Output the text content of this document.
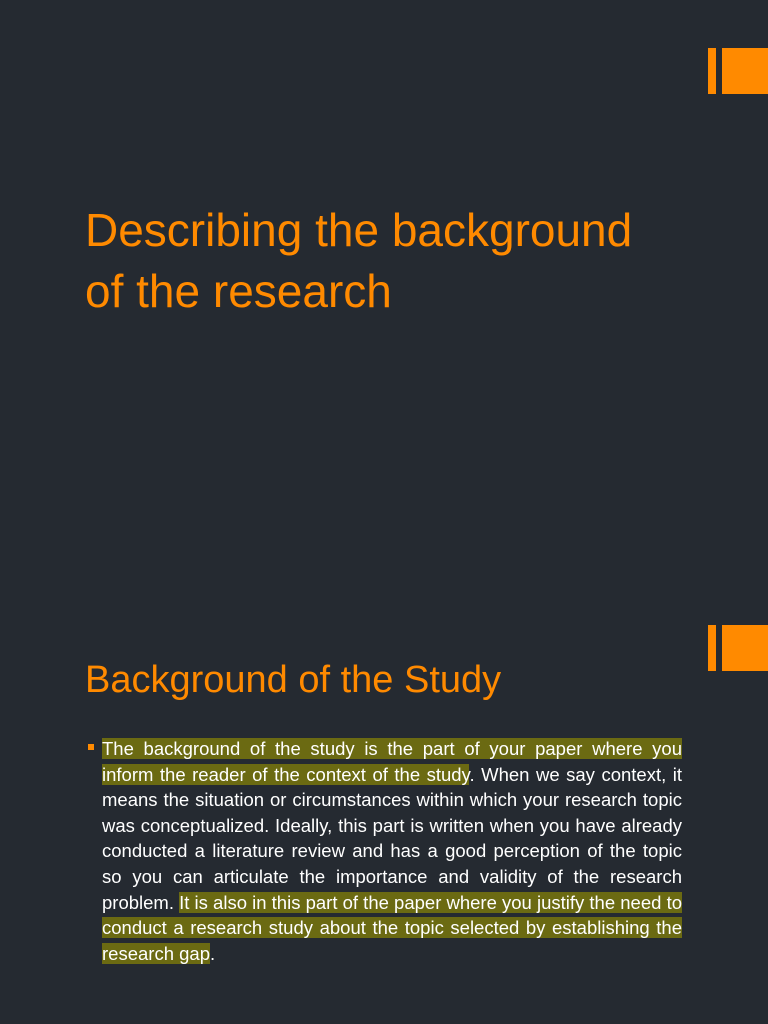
Describing the background of the research
Background of the Study

The background of the study is the part of your paper where you inform the reader of the context of the study. When we say context, it means the situation or circumstances within which your research topic was conceptualized. Ideally, this part is written when you have already conducted a literature review and has a good perception of the topic so you can articulate the importance and validity of the research problem. It is also in this part of the paper where you justify the need to conduct a research study about the topic selected by establishing the research gap.
